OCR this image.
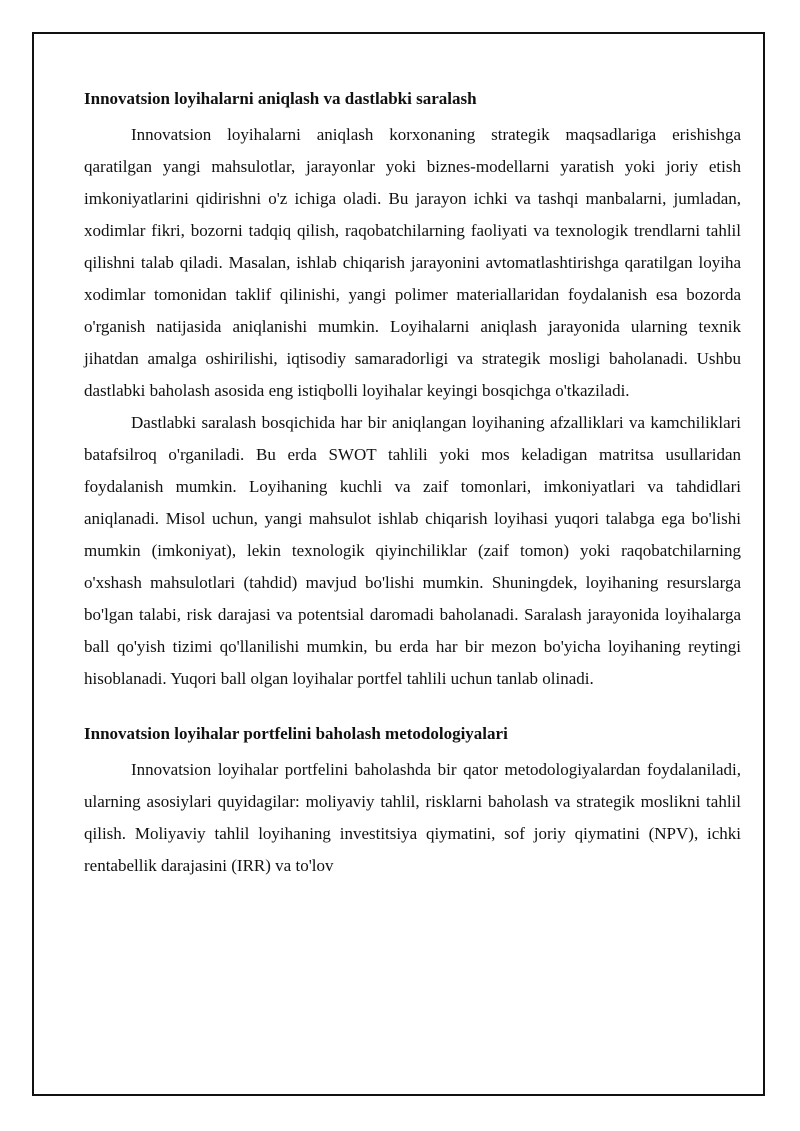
Innovatsion loyihalarni aniqlash va dastlabki saralash

Innovatsion loyihalarni aniqlash korxonaning strategik maqsadlariga erishishga qaratilgan yangi mahsulotlar, jarayonlar yoki biznes-modellarni yaratish yoki joriy etish imkoniyatlarini qidirishni o'z ichiga oladi. Bu jarayon ichki va tashqi manbalarni, jumladan, xodimlar fikri, bozorni tadqiq qilish, raqobatchilarning faoliyati va texnologik trendlarni tahlil qilishni talab qiladi. Masalan, ishlab chiqarish jarayonini avtomatlashtirishga qaratilgan loyiha xodimlar tomonidan taklif qilinishi, yangi polimer materiallaridan foydalanish esa bozorda o'rganish natijasida aniqlanishi mumkin. Loyihalarni aniqlash jarayonida ularning texnik jihatdan amalga oshirilishi, iqtisodiy samaradorligi va strategik mosligi baholanadi. Ushbu dastlabki baholash asosida eng istiqbolli loyihalar keyingi bosqichga o'tkaziladi.

Dastlabki saralash bosqichida har bir aniqlangan loyihaning afzalliklari va kamchiliklari batafsilroq o'rganiladi. Bu erda SWOT tahlili yoki mos keladigan matritsa usullaridan foydalanish mumkin. Loyihaning kuchli va zaif tomonlari, imkoniyatlari va tahdidlari aniqlanadi. Misol uchun, yangi mahsulot ishlab chiqarish loyihasi yuqori talabga ega bo'lishi mumkin (imkoniyat), lekin texnologik qiyinchiliklar (zaif tomon) yoki raqobatchilarning o'xshash mahsulotlari (tahdid) mavjud bo'lishi mumkin. Shuningdek, loyihaning resurslarga bo'lgan talabi, risk darajasi va potentsial daromadi baholanadi. Saralash jarayonida loyihalarga ball qo'yish tizimi qo'llanilishi mumkin, bu erda har bir mezon bo'yicha loyihaning reytingi hisoblanadi. Yuqori ball olgan loyihalar portfel tahlili uchun tanlab olinadi.

Innovatsion loyihalar portfelini baholash metodologiyalari

Innovatsion loyihalar portfelini baholashda bir qator metodologiyalardan foydalaniladi, ularning asosiylari quyidagilar: moliyaviy tahlil, risklarni baholash va strategik moslikni tahlil qilish. Moliyaviy tahlil loyihaning investitsiya qiymatini, sof joriy qiymatini (NPV), ichki rentabellik darajasini (IRR) va to'lov
